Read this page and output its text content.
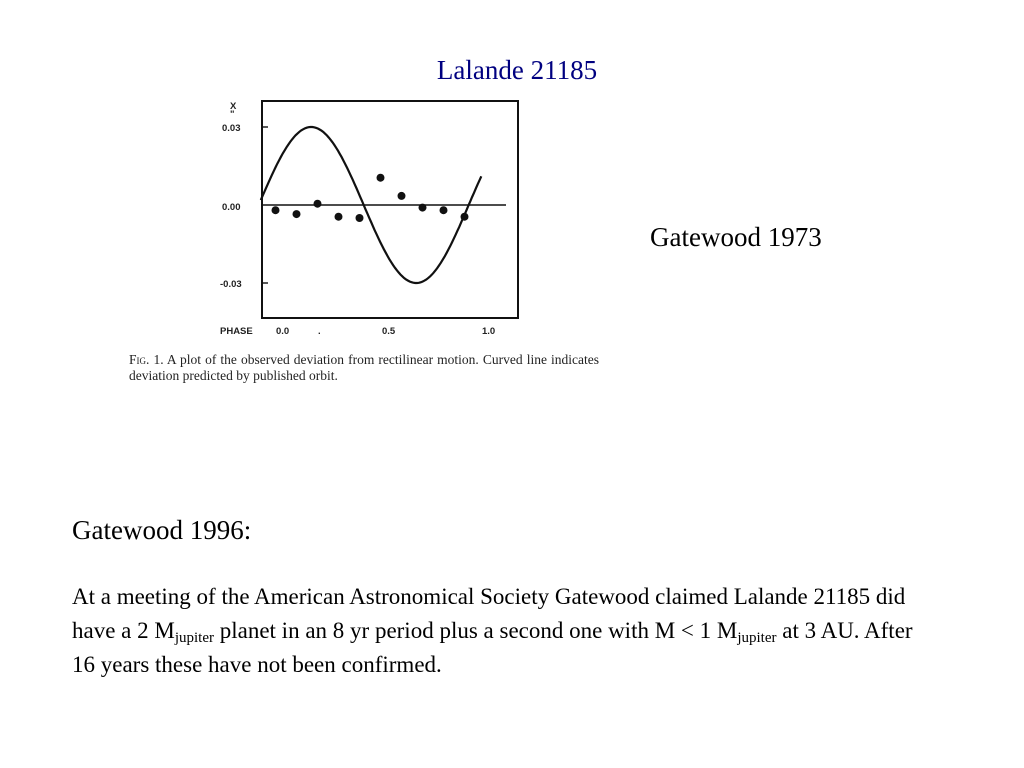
Lalande 21185
X
"
0.03
0.00
-0.03
PHASE 0.0	.	0.5	1.0
Fig. 1. A plot of the observed deviation from rectilinear motion. Curved line indicates deviation predicted by published orbit.

Gatewood 1973

Gatewood 1996:

At a meeting of the American Astronomical Society Gatewood claimed Lalande 21185 did have a 2 $M_{jupiter}$ planet in an 8 yr period plus a second one with M < 1 $M_{jupiter}$ at 3 AU. After 16 years these have not been confirmed.
